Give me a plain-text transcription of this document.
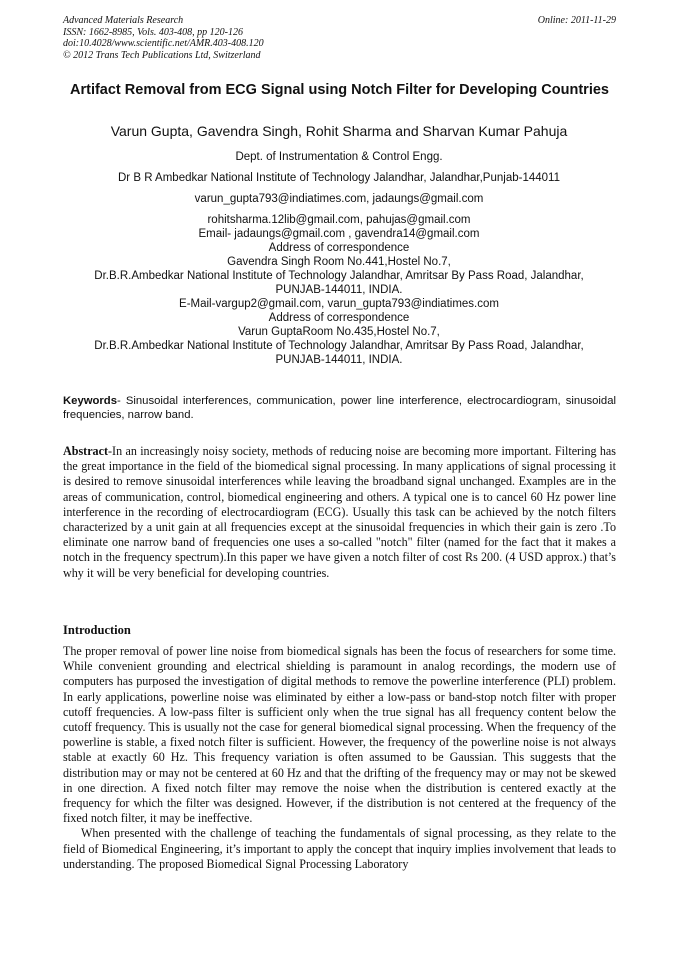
Advanced Materials Research
ISSN: 1662-8985, Vols. 403-408, pp 120-126
doi:10.4028/www.scientific.net/AMR.403-408.120
© 2012 Trans Tech Publications Ltd, Switzerland
Online: 2011-11-29
Artifact Removal from ECG Signal using Notch Filter for Developing Countries
Varun Gupta, Gavendra Singh, Rohit Sharma and Sharvan Kumar Pahuja
Dept. of Instrumentation & Control Engg.
Dr B R Ambedkar National Institute of Technology Jalandhar, Jalandhar,Punjab-144011
varun_gupta793@indiatimes.com, jadaungs@gmail.com
rohitsharma.12lib@gmail.com, pahujas@gmail.com
Email- jadaungs@gmail.com , gavendra14@gmail.com
Address of correspondence
Gavendra Singh Room No.441,Hostel No.7,
Dr.B.R.Ambedkar National Institute of Technology Jalandhar, Amritsar By Pass Road, Jalandhar,
PUNJAB-144011, INDIA.
E-Mail-vargup2@gmail.com, varun_gupta793@indiatimes.com
Address of correspondence
Varun GuptaRoom No.435,Hostel No.7,
Dr.B.R.Ambedkar National Institute of Technology Jalandhar, Amritsar By Pass Road, Jalandhar,
PUNJAB-144011, INDIA.
Keywords- Sinusoidal interferences, communication, power line interference, electrocardiogram, sinusoidal frequencies, narrow band.

Abstract-In an increasingly noisy society, methods of reducing noise are becoming more important. Filtering has the great importance in the field of the biomedical signal processing. In many applications of signal processing it is desired to remove sinusoidal interferences while leaving the broadband signal unchanged. Examples are in the areas of communication, control, biomedical engineering and others. A typical one is to cancel 60 Hz power line interference in the recording of electrocardiogram (ECG). Usually this task can be achieved by the notch filters characterized by a unit gain at all frequencies except at the sinusoidal frequencies in which their gain is zero .To eliminate one narrow band of frequencies one uses a so-called "notch" filter (named for the fact that it makes a notch in the frequency spectrum).In this paper we have given a notch filter of cost Rs 200. (4 USD approx.) that’s why it will be very beneficial for developing countries.

Introduction

The proper removal of power line noise from biomedical signals has been the focus of researchers for some time. While convenient grounding and electrical shielding is paramount in analog recordings, the modern use of computers has purposed the investigation of digital methods to remove the powerline interference (PLI) problem. In early applications, powerline noise was eliminated by either a low-pass or band-stop notch filter with proper cutoff frequencies. A low-pass filter is sufficient only when the true signal has all frequency content below the cutoff frequency. This is usually not the case for general biomedical signal processing. When the frequency of the powerline is stable, a fixed notch filter is sufficient. However, the frequency of the powerline noise is not always stable at exactly 60 Hz. This frequency variation is often assumed to be Gaussian. This suggests that the distribution may or may not be centered at 60 Hz and that the drifting of the frequency may or may not be skewed in one direction. A fixed notch filter may remove the noise when the distribution is centered exactly at the frequency for which the filter was designed. However, if the distribution is not centered at the frequency of the fixed notch filter, it may be ineffective.

When presented with the challenge of teaching the fundamentals of signal processing, as they relate to the field of Biomedical Engineering, it’s important to apply the concept that inquiry implies involvement that leads to understanding. The proposed Biomedical Signal Processing Laboratory
